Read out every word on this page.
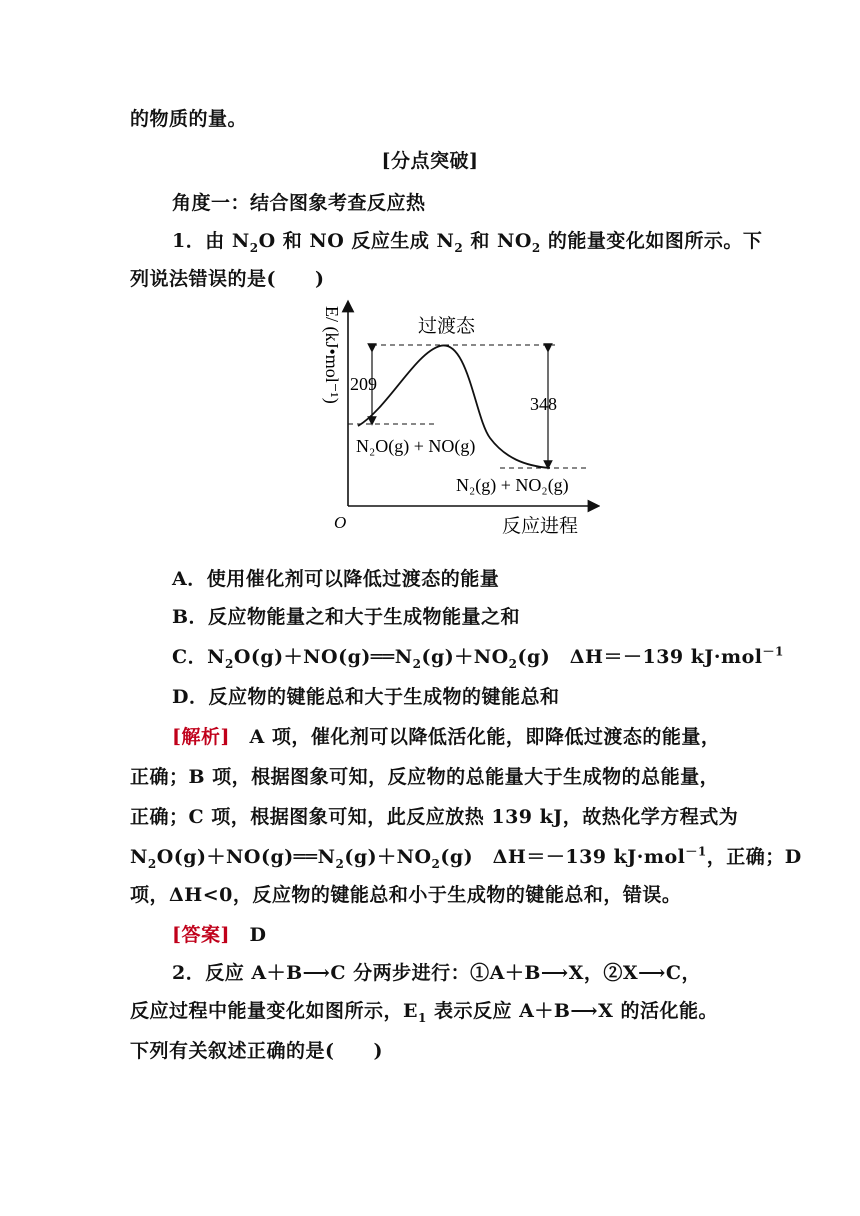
的物质的量。
[分点突破]
角度一：结合图象考查反应热
1．由 $N_2O$ 和 NO 反应生成 $N_2$ 和 $NO_2$ 的能量变化如图所示。下
列说法错误的是(　　)
E/ (kJ•mol⁻¹)
O	反应进程
过渡态
209
348
N₂O(g) + NO(g)
N₂(g) + NO₂(g)
A．使用催化剂可以降低过渡态的能量
B．反应物能量之和大于生成物能量之和
C．$N_2O(g)+NO(g)══N_2(g)+NO_2(g)$　ΔH＝－139 kJ·mol$^{-1}$
D．反应物的键能总和大于生成物的键能总和
[解析]　A 项，催化剂可以降低活化能，即降低过渡态的能量，
正确；B 项，根据图象可知，反应物的总能量大于生成物的总能量，
正确；C 项，根据图象可知，此反应放热 139 kJ，故热化学方程式为
$N_2O(g)+NO(g)══N_2(g)+NO_2(g)$　ΔH＝－139 kJ·mol$^{-1}$，正确；D
项，ΔH<0，反应物的键能总和小于生成物的键能总和，错误。
[答案]　D
2．反应 A＋B⟶C 分两步进行：①A＋B⟶X，②X⟶C，
反应过程中能量变化如图所示，$E_1$ 表示反应 A＋B⟶X 的活化能。
下列有关叙述正确的是(　　)
